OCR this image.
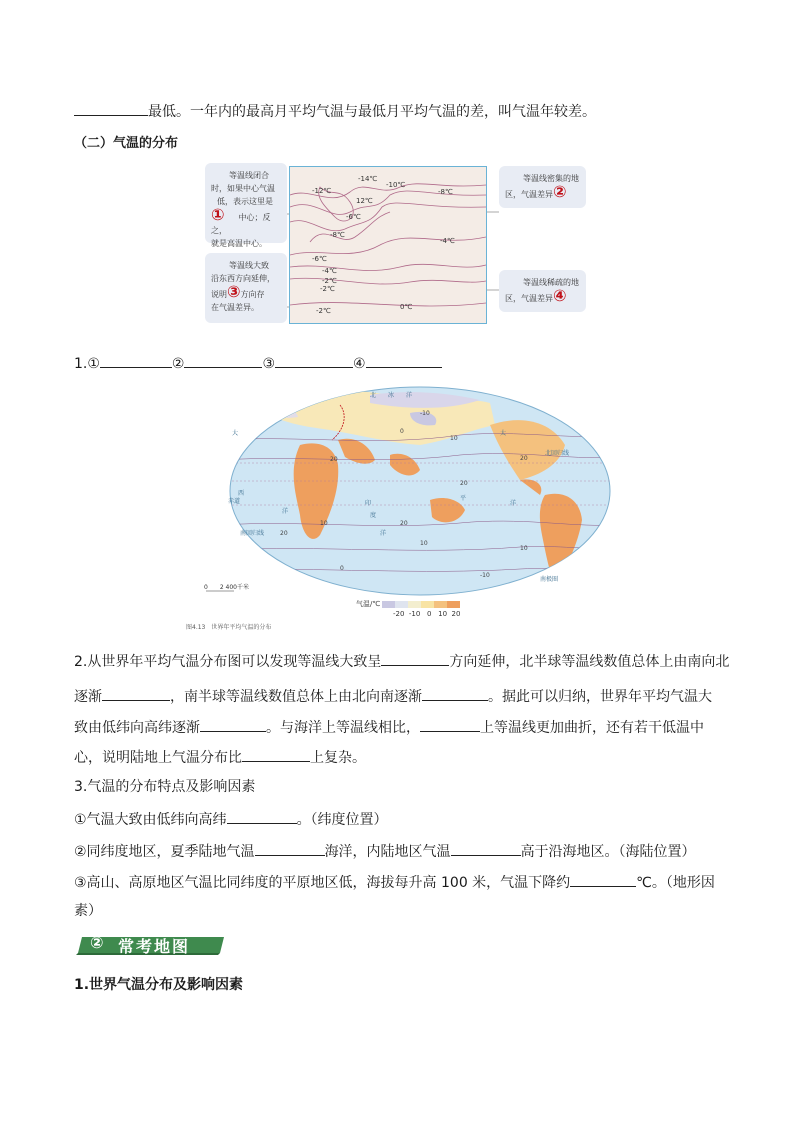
最低。一年内的最高月平均气温与最低月平均气温的差，叫气温年较差。
（二）气温的分布
等温线闭合
时，如果中心气温
低，表示这里是
① 中心；反之，
就是高温中心。
等温线大致
沿东西方向延伸，
说明③方向存
在气温差异。
等温线密集的地
区，气温差异②
等温线稀疏的地
区，气温差异④
-12℃
-14℃
-10℃
-8℃
12℃
-6℃
-8℃
-4℃
-6℃
-4℃
-2℃
-2℃
0℃
-2℃
1.①	②	③	④
北　　冰　　洋
大
西
太
平
洋
印
度
洋
洋
北回归线
南回归线
赤道
南极圈
-10
0
10
20	20
10
20
20
10
0
20
10
-10
0　　2 400千米
气温/℃
-20 -10 0 10 20
图4.13　世界年平均气温的分布
2.从世界年平均气温分布图可以发现等温线大致呈	方向延伸，北半球等温线数值总体上由南向北
逐渐	，南半球等温线数值总体上由北向南逐渐	。据此可以归纳，世界年平均气温大
致由低纬向高纬逐渐	。与海洋上等温线相比，	上等温线更加曲折，还有若干低温中
心，说明陆地上气温分布比	上复杂。
3.气温的分布特点及影响因素
①气温大致由低纬向高纬	。（纬度位置）
②同纬度地区，夏季陆地气温	海洋，内陆地区气温	高于沿海地区。（海陆位置）
③高山、高原地区气温比同纬度的平原地区低，海拔每升高 100 米，气温下降约	℃。（地形因
素）
② 常考地图
1.世界气温分布及影响因素
